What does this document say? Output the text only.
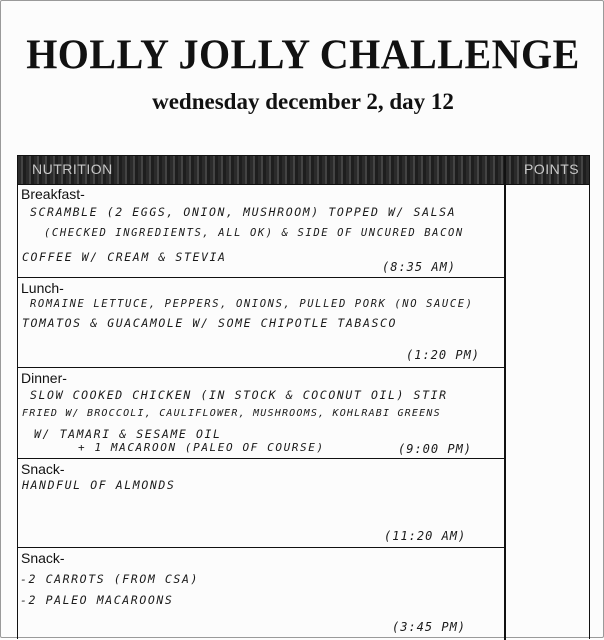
HOLLY JOLLY CHALLENGE
wednesday december 2, day 12
NUTRITION	POINTS
Breakfast-
SCRAMBLE (2 EGGS, ONION, MUSHROOM) TOPPED W/ SALSA
(CHECKED INGREDIENTS, ALL OK) & SIDE OF UNCURED BACON
COFFEE W/ CREAM & STEVIA
(8:35 AM)
Lunch-
ROMAINE LETTUCE, PEPPERS, ONIONS, PULLED PORK (NO SAUCE)
TOMATOS & GUACAMOLE W/ SOME CHIPOTLE TABASCO
(1:20 PM)
Dinner-
SLOW COOKED CHICKEN (IN STOCK & COCONUT OIL) STIR
FRIED W/ BROCCOLI, CAULIFLOWER, MUSHROOMS, KOHLRABI GREENS
W/ TAMARI & SESAME OIL
+ 1 MACAROON (PALEO OF COURSE)	(9:00 PM)
Snack-
HANDFUL OF ALMONDS
(11:20 AM)
Snack-
-2 CARROTS (FROM CSA)
-2 PALEO MACAROONS
(3:45 PM)
